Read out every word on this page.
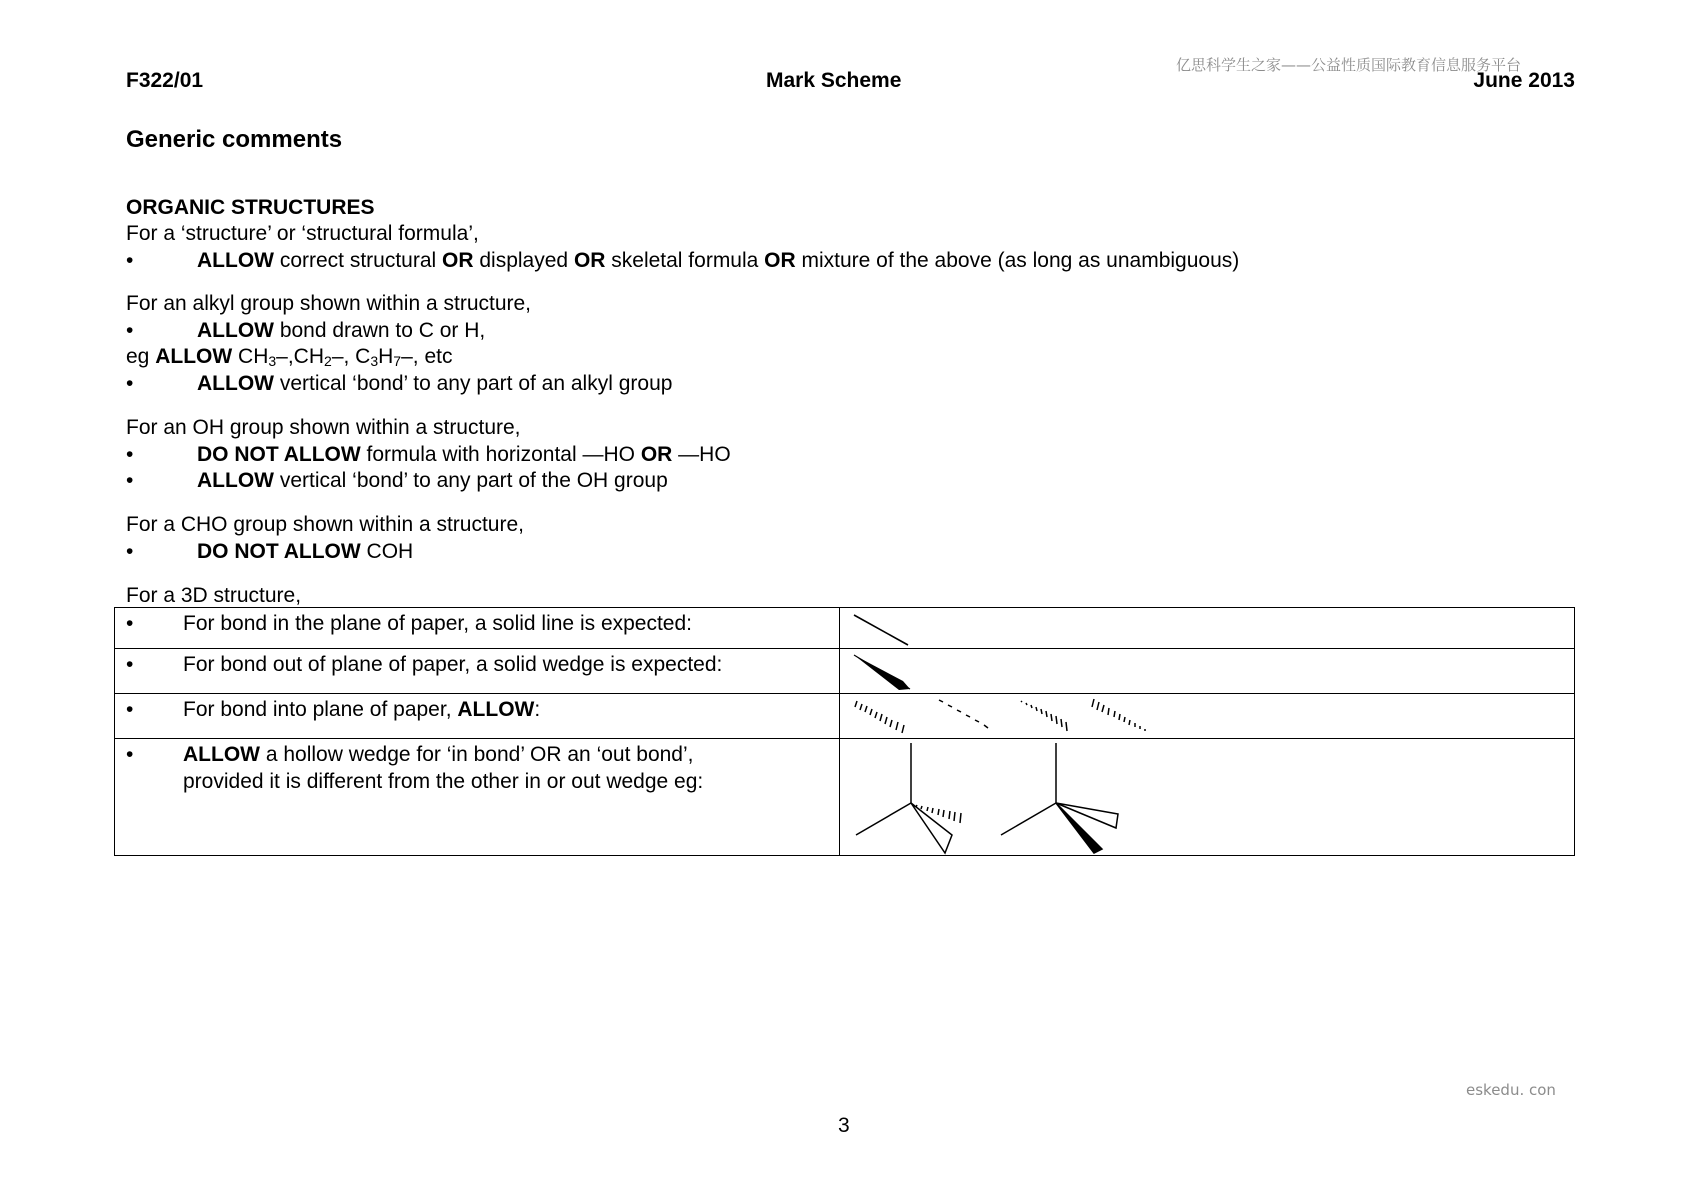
亿思科学生之家——公益性质国际教育信息服务平台
eskedu. con
F322/01	Mark Scheme	June 2013
Generic comments
ORGANIC STRUCTURES
For a ‘structure’ or ‘structural formula’,
•	ALLOW correct structural OR displayed OR skeletal formula OR mixture of the above (as long as unambiguous)
For an alkyl group shown within a structure,
•	ALLOW bond drawn to C or H,
eg ALLOW $CH_3-,CH_2-$, $C_3H_7-$, etc
•	ALLOW vertical ‘bond’ to any part of an alkyl group
For an OH group shown within a structure,
•	DO NOT ALLOW formula with horizontal —HO OR —HO
•	ALLOW vertical ‘bond’ to any part of the OH group
For a CHO group shown within a structure,
•	DO NOT ALLOW COH
For a 3D structure,
• For bond in the plane of paper, a solid line is expected:

• For bond out of plane of paper, a solid wedge is expected:

• For bond into plane of paper, ALLOW:

• ALLOW a hollow wedge for ‘in bond’ OR an ‘out bond’,
provided it is different from the other in or out wedge eg:

3
